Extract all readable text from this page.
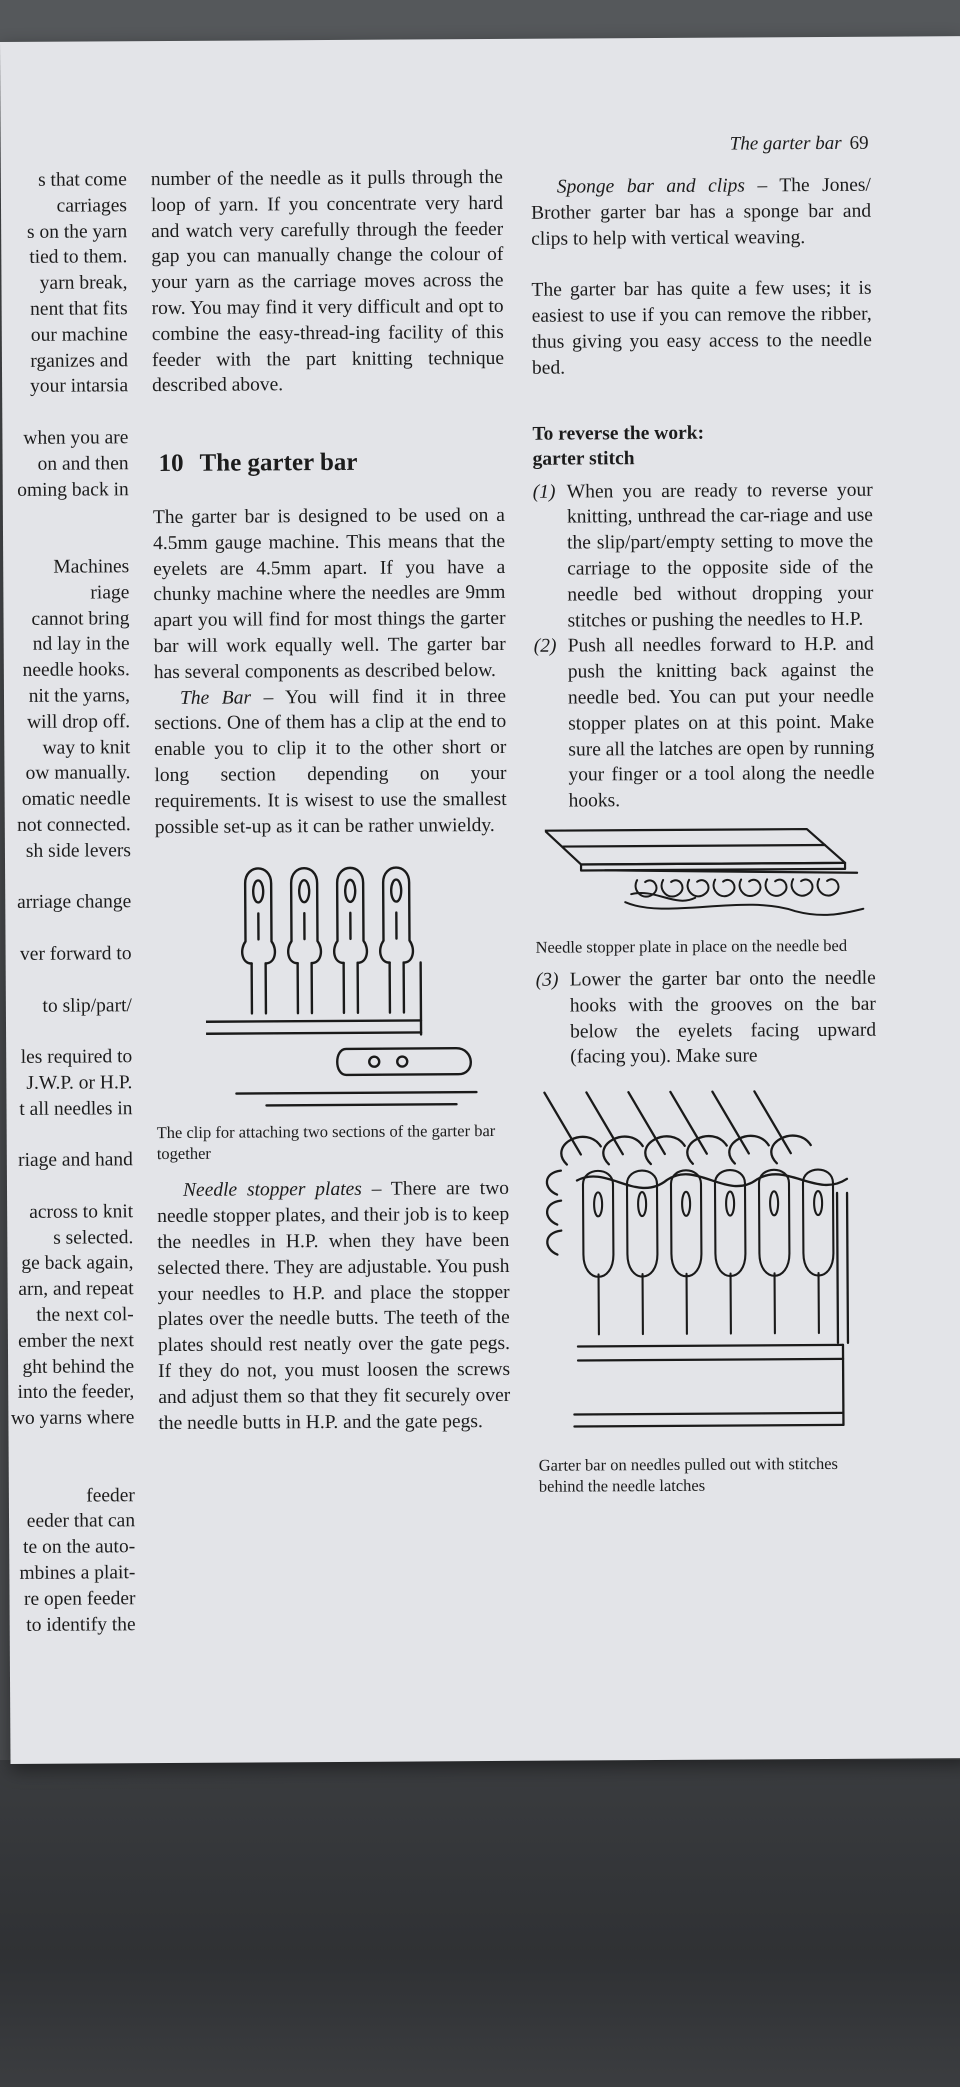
The garter bar 69

s that come

carriages

s on the yarn

tied to them.

yarn break,

nent that fits

our machine

rganizes and

your intarsia

when you are

on and then

oming back in

Machines

riage

cannot bring

nd lay in the

needle hooks.

nit the yarns,

will drop off.

way to knit

ow manually.

omatic needle

not connected.

sh side levers

arriage change

ver forward to

to slip/part/

les required to

J.W.P. or H.P.

t all needles in

riage and hand

across to knit

s selected.

ge back again,

arn, and repeat

the next col-

ember the next

ght behind the

into the feeder,

wo yarns where

feeder

eeder that can

te on the auto-

mbines a plait-

re open feeder

to identify the

number of the needle as it pulls through the loop of yarn. If you concentrate very hard and watch very carefully through the feeder gap you can manually change the colour of your yarn as the carriage moves across the row. You may find it very difficult and opt to combine the easy-thread-ing facility of this feeder with the part knitting technique described above.

10 The garter bar

The garter bar is designed to be used on a 4.5mm gauge machine. This means that the eyelets are 4.5mm apart. If you have a chunky machine where the needles are 9mm apart you will find for most things the garter bar will work equally well. The garter bar has several components as described below.

The Bar – You will find it in three sections. One of them has a clip at the end to enable you to clip it to the other short or long section depending on your requirements. It is wisest to use the smallest possible set-up as it can be rather unwieldy.

The clip for attaching two sections of the garter bar together

Needle stopper plates – There are two needle stopper plates, and their job is to keep the needles in H.P. when they have been selected there. They are adjustable. You push your needles to H.P. and place the stopper plates over the needle butts. The teeth of the plates should rest neatly over the gate pegs. If they do not, you must loosen the screws and adjust them so that they fit securely over the needle butts in H.P. and the gate pegs.

Sponge bar and clips – The Jones/ Brother garter bar has a sponge bar and clips to help with vertical weaving.

The garter bar has quite a few uses; it is easiest to use if you can remove the ribber, thus giving you easy access to the needle bed.

To reverse the work:
garter stitch
(1) When you are ready to reverse your knitting, unthread the car-riage and use the slip/part/empty setting to move the carriage to the opposite side of the needle bed without dropping your stitches or pushing the needles to H.P.
(2) Push all needles forward to H.P. and push the knitting back against the needle bed. You can put your needle stopper plates on at this point. Make sure all the latches are open by running your finger or a tool along the needle hooks.

Needle stopper plate in place on the needle bed

(3) Lower the garter bar onto the needle hooks with the grooves on the bar below the eyelets facing upward (facing you). Make sure

Garter bar on needles pulled out with stitches behind the needle latches
